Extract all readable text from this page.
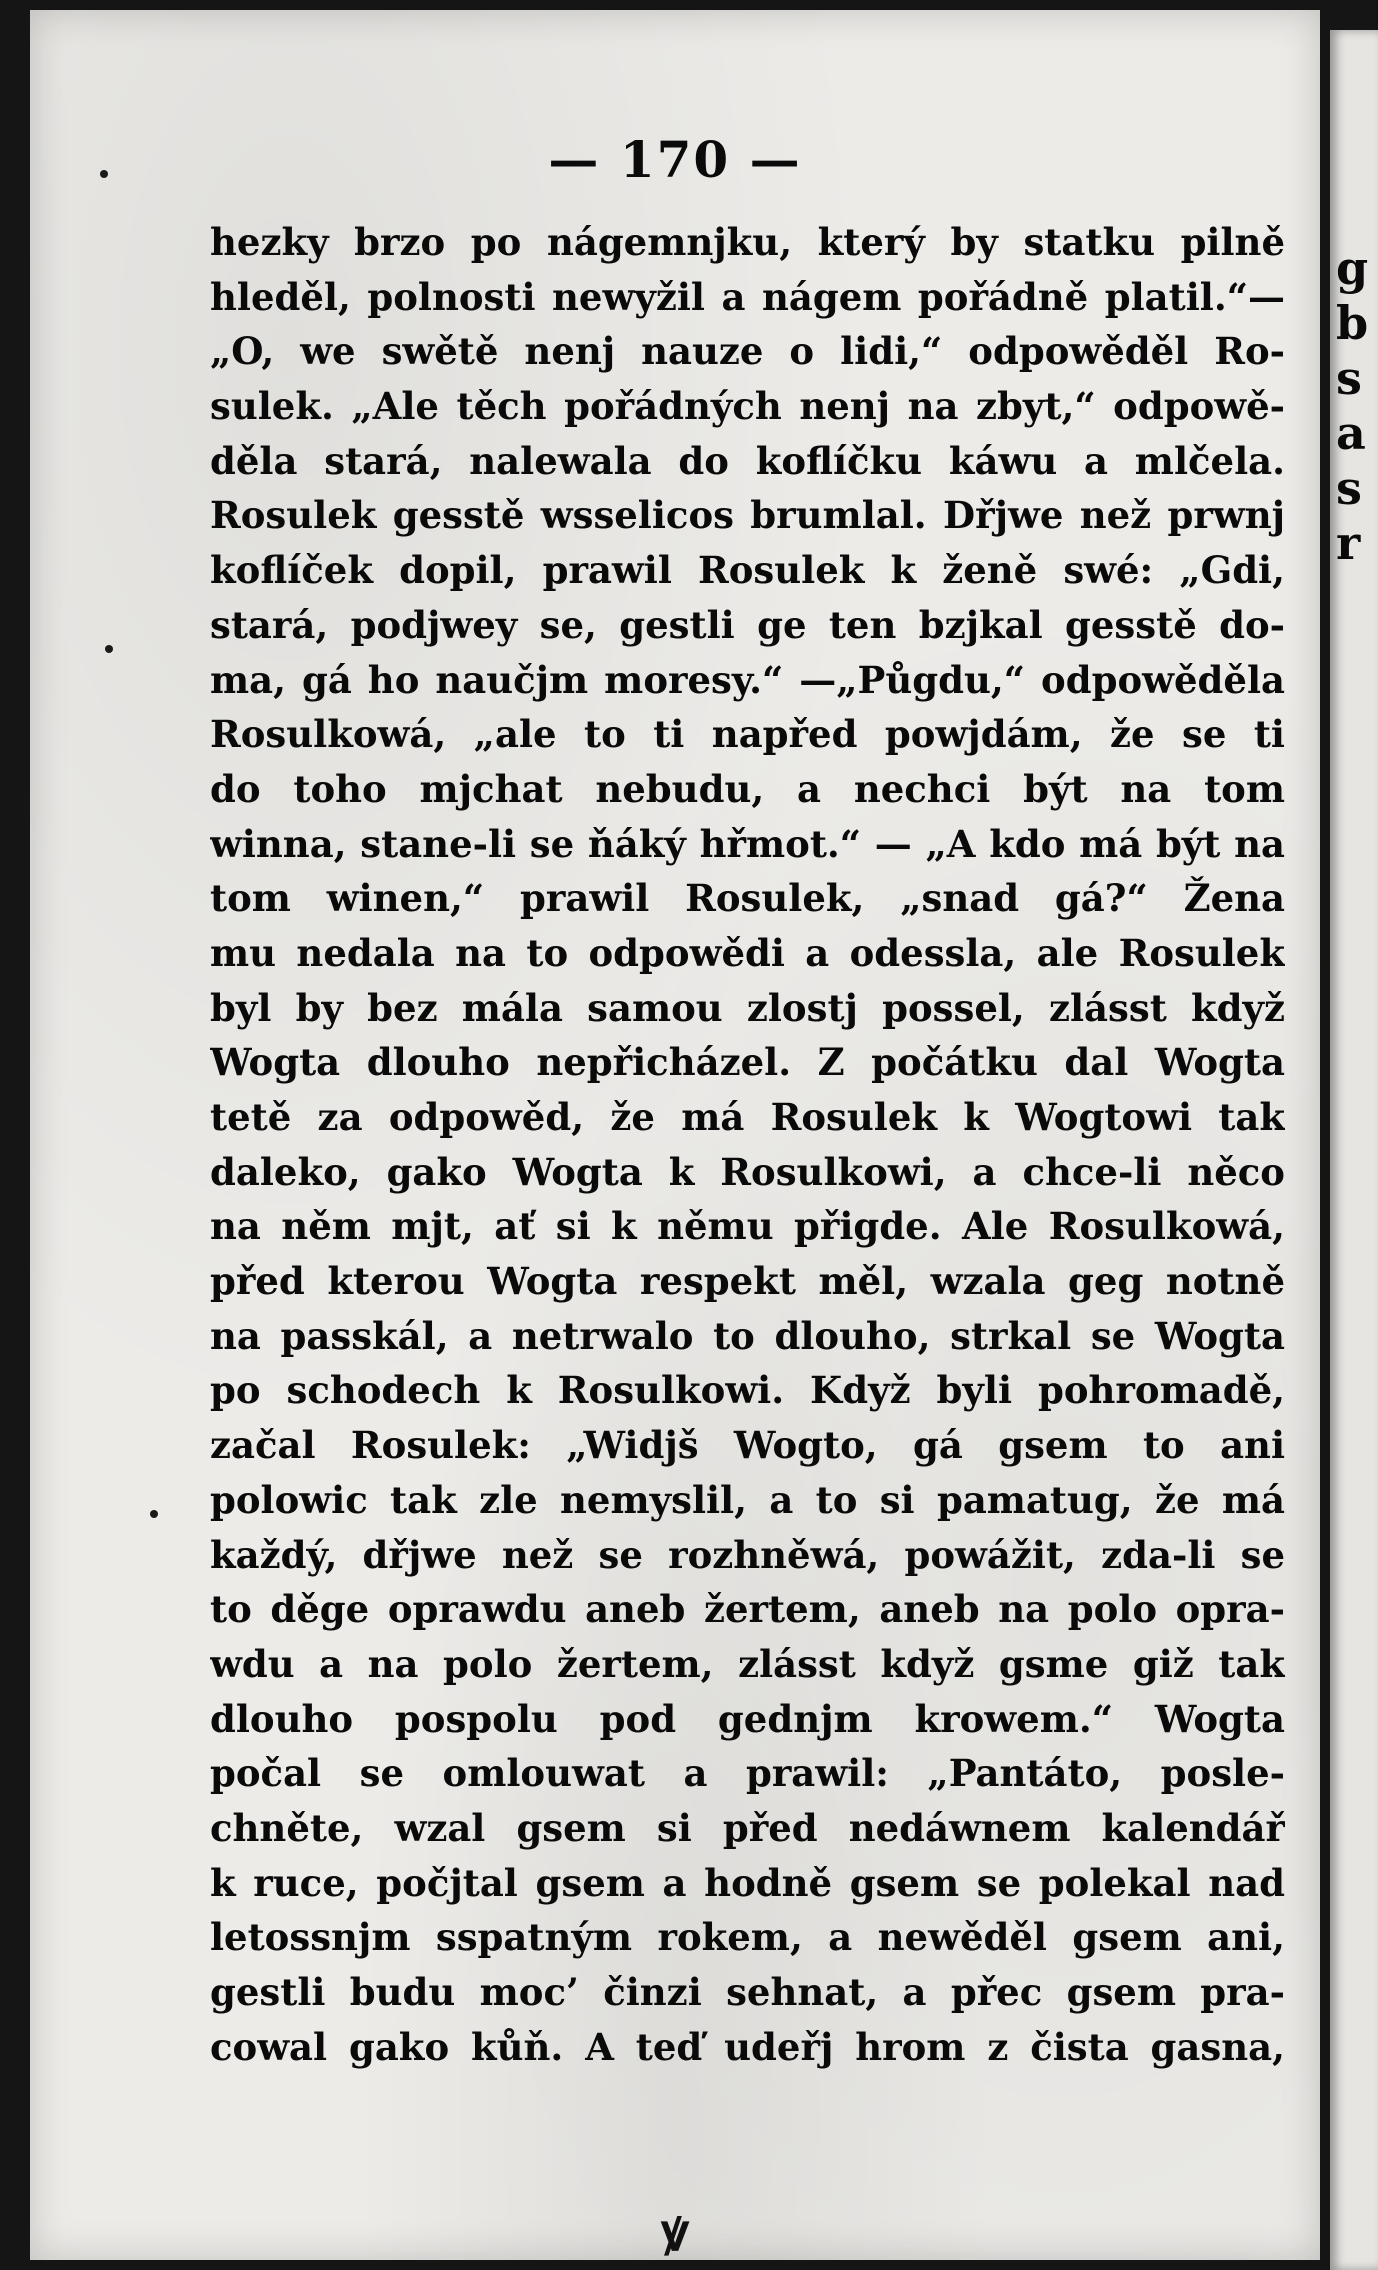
— 170 —
hezky brzo po nágemnjku, který by statku pilně
hleděl, polnosti newyžil a nágem pořádně platil.“—
„O, we swětě nenj nauze o lidi,“ odpowěděl Ro-
sulek. „Ale těch pořádných nenj na zbyt,“ odpowě-
děla stará, nalewala do koflíčku káwu a mlčela.
Rosulek gesstě wsselicos brumlal. Dřjwe než prwnj
koflíček dopil, prawil Rosulek k ženě swé: „Gdi,
stará, podjwey se, gestli ge ten bzjkal gesstě do-
ma, gá ho naučjm moresy.“ —„Půgdu,“ odpowěděla
Rosulkowá, „ale to ti napřed powjdám, že se ti
do toho mjchat nebudu, a nechci být na tom
winna, stane-li se ňáký hřmot.“ — „A kdo má být na
tom winen,“ prawil Rosulek, „snad gá?“ Žena
mu nedala na to odpowědi a odessla, ale Rosulek
byl by bez mála samou zlostj possel, zlásst když
Wogta dlouho nepřicházel. Z počátku dal Wogta
tetě za odpowěd, že má Rosulek k Wogtowi tak
daleko, gako Wogta k Rosulkowi, a chce-li něco
na něm mjt, ať si k němu přigde. Ale Rosulkowá,
před kterou Wogta respekt měl, wzala geg notně
na passkál, a netrwalo to dlouho, strkal se Wogta
po schodech k Rosulkowi. Když byli pohromadě,
začal Rosulek: „Widjš Wogto, gá gsem to ani
polowic tak zle nemyslil, a to si pamatug, že má
každý, dřjwe než se rozhněwá, powážit, zda-li se
to děge oprawdu aneb žertem, aneb na polo opra-
wdu a na polo žertem, zlásst když gsme giž tak
dlouho pospolu pod gednjm krowem.“ Wogta
počal se omlouwat a prawil: „Pantáto, posle-
chněte, wzal gsem si před nedáwnem kalendář
k ruce, počjtal gsem a hodně gsem se polekal nad
letossnjm sspatným rokem, a newěděl gsem ani,
gestli budu moc’ činzi sehnat, a přec gsem pra-
cowal gako kůň. A teď udeřj hrom z čista gasna,
ꝟ
g
b
s
a
s
r
